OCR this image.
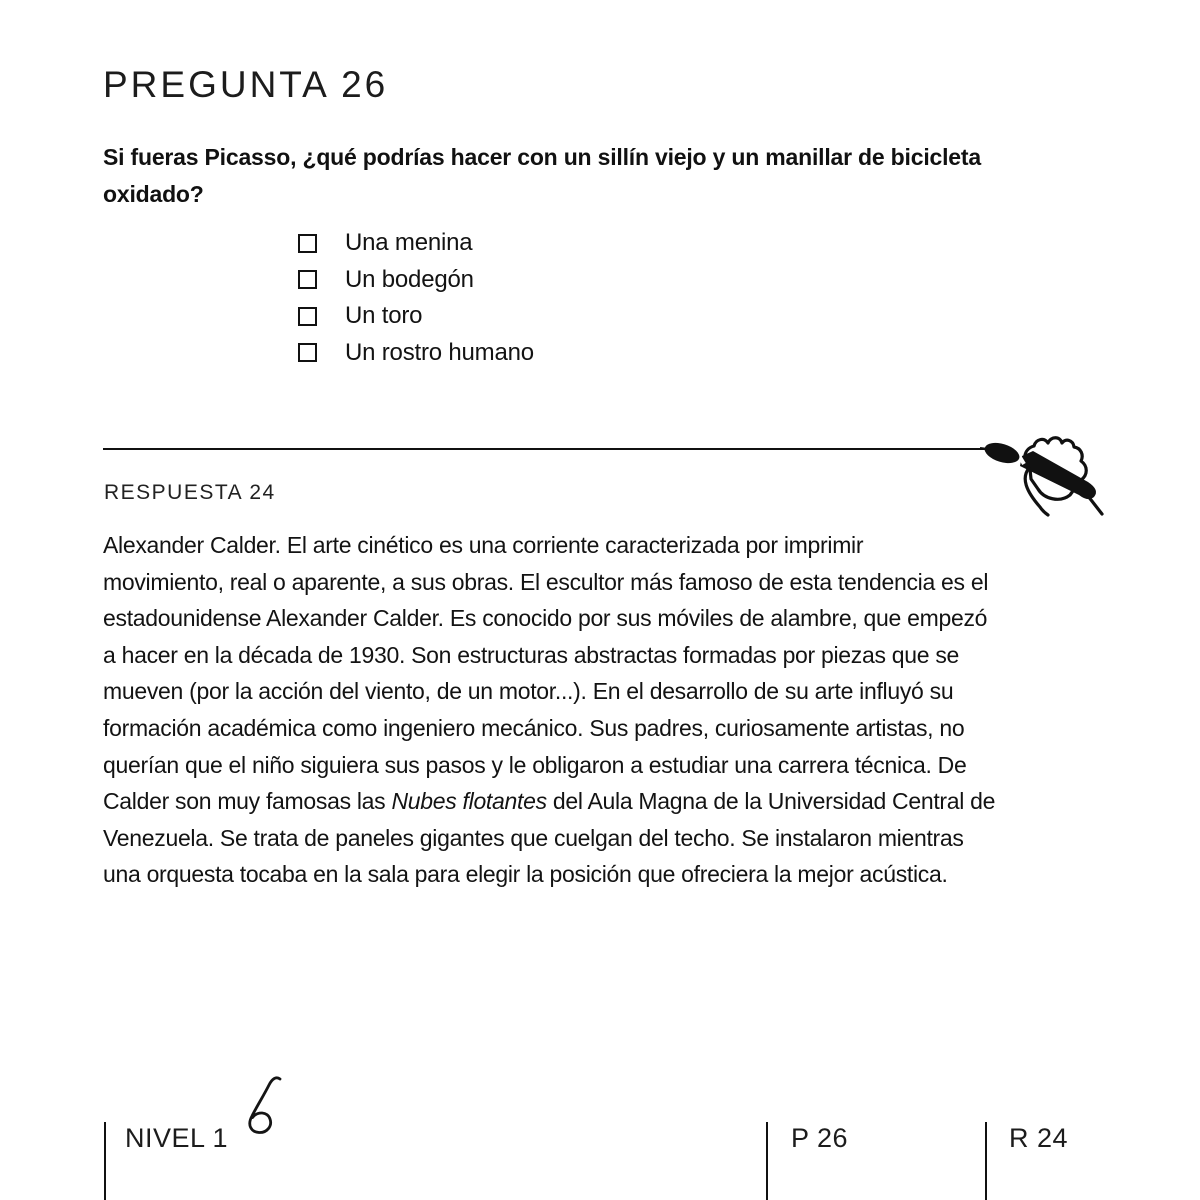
PREGUNTA 26
Si fueras Picasso, ¿qué podrías hacer con un sillín viejo y un manillar de bicicleta
oxidado?
Una menina
Un bodegón
Un toro
Un rostro humano
RESPUESTA 24
Alexander Calder. El arte cinético es una corriente caracterizada por imprimir
movimiento, real o aparente, a sus obras. El escultor más famoso de esta tendencia es el
estadounidense Alexander Calder. Es conocido por sus móviles de alambre, que empezó
a hacer en la década de 1930. Son estructuras abstractas formadas por piezas que se
mueven (por la acción del viento, de un motor...). En el desarrollo de su arte influyó su
formación académica como ingeniero mecánico. Sus padres, curiosamente artistas, no
querían que el niño siguiera sus pasos y le obligaron a estudiar una carrera técnica. De
Calder son muy famosas las Nubes flotantes del Aula Magna de la Universidad Central de
Venezuela. Se trata de paneles gigantes que cuelgan del techo. Se instalaron mientras
una orquesta tocaba en la sala para elegir la posición que ofreciera la mejor acústica.
NIVEL 1	P 26	R 24
